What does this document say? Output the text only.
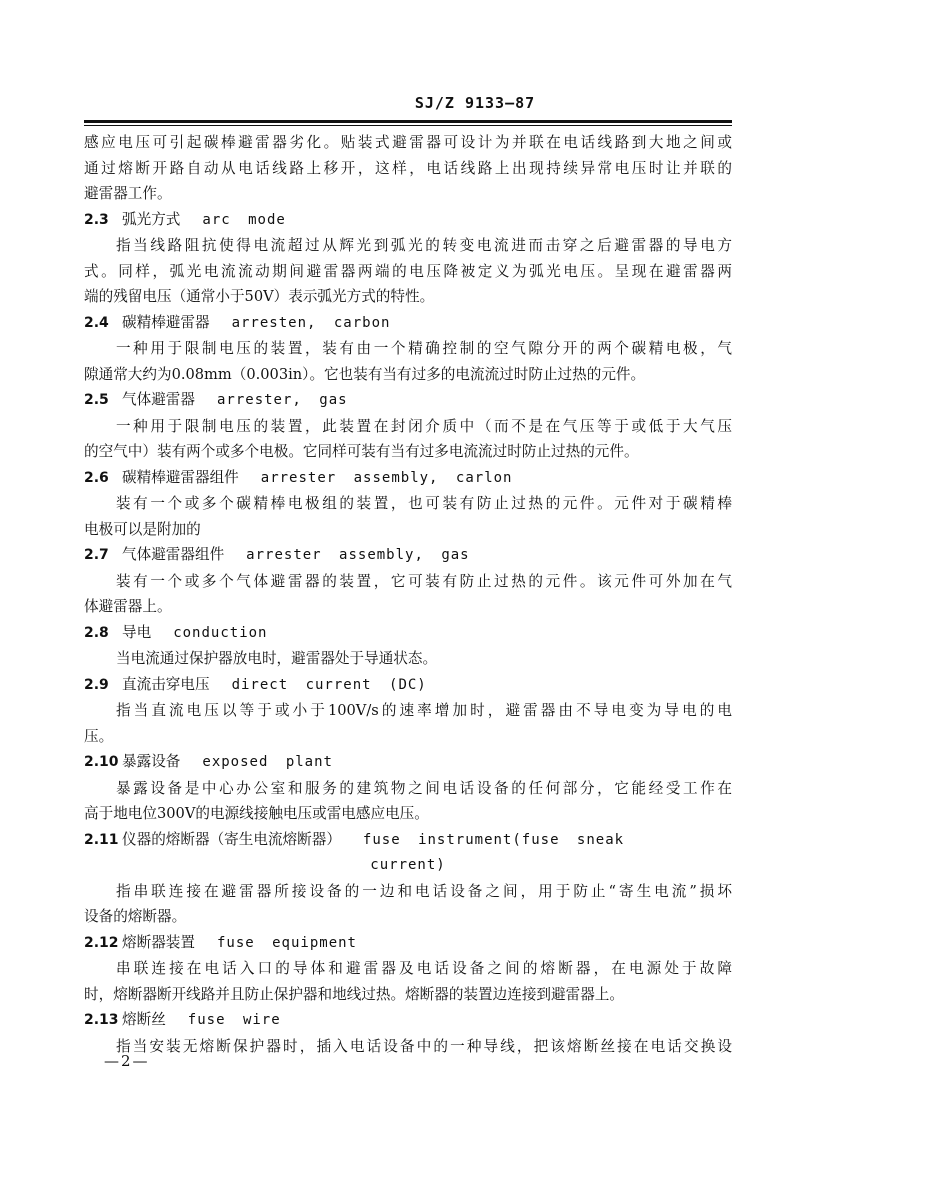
SJ/Z 9133—87
感应电压可引起碳棒避雷器劣化。贴装式避雷器可设计为并联在电话线路到大地之间或
通过熔断开路自动从电话线路上移开，这样，电话线路上出现持续异常电压时让并联的
避雷器工作。
2.3 弧光方式 arc mode
指当线路阻抗使得电流超过从辉光到弧光的转变电流进而击穿之后避雷器的导电方
式。同样，弧光电流流动期间避雷器两端的电压降被定义为弧光电压。呈现在避雷器两
端的残留电压（通常小于50V）表示弧光方式的特性。
2.4 碳精棒避雷器 arresten, carbon
一种用于限制电压的装置，装有由一个精确控制的空气隙分开的两个碳精电极，气
隙通常大约为0.08mm（0.003in）。它也装有当有过多的电流流过时防止过热的元件。
2.5 气体避雷器 arrester, gas
一种用于限制电压的装置，此装置在封闭介质中（而不是在气压等于或低于大气压
的空气中）装有两个或多个电极。它同样可装有当有过多电流流过时防止过热的元件。
2.6 碳精棒避雷器组件 arrester assembly, carlon
装有一个或多个碳精棒电极组的装置，也可装有防止过热的元件。元件对于碳精棒
电极可以是附加的
2.7 气体避雷器组件 arrester assembly, gas
装有一个或多个气体避雷器的装置，它可装有防止过热的元件。该元件可外加在气
体避雷器上。
2.8 导电 conduction
当电流通过保护器放电时，避雷器处于导通状态。
2.9 直流击穿电压 direct current (DC)
指当直流电压以等于或小于100V/s的速率增加时，避雷器由不导电变为导电的电
压。
2.10 暴露设备 exposed plant
暴露设备是中心办公室和服务的建筑物之间电话设备的任何部分，它能经受工作在
高于地电位300V的电源线接触电压或雷电感应电压。
2.11 仪器的熔断器（寄生电流熔断器） fuse instrument(fuse sneak
current)
指串联连接在避雷器所接设备的一边和电话设备之间，用于防止“寄生电流”损坏
设备的熔断器。
2.12 熔断器装置 fuse equipment
串联连接在电话入口的导体和避雷器及电话设备之间的熔断器，在电源处于故障
时，熔断器断开线路并且防止保护器和地线过热。熔断器的装置边连接到避雷器上。
2.13 熔断丝 fuse wire
指当安装无熔断保护器时，插入电话设备中的一种导线，把该熔断丝接在电话交换设
—2—
